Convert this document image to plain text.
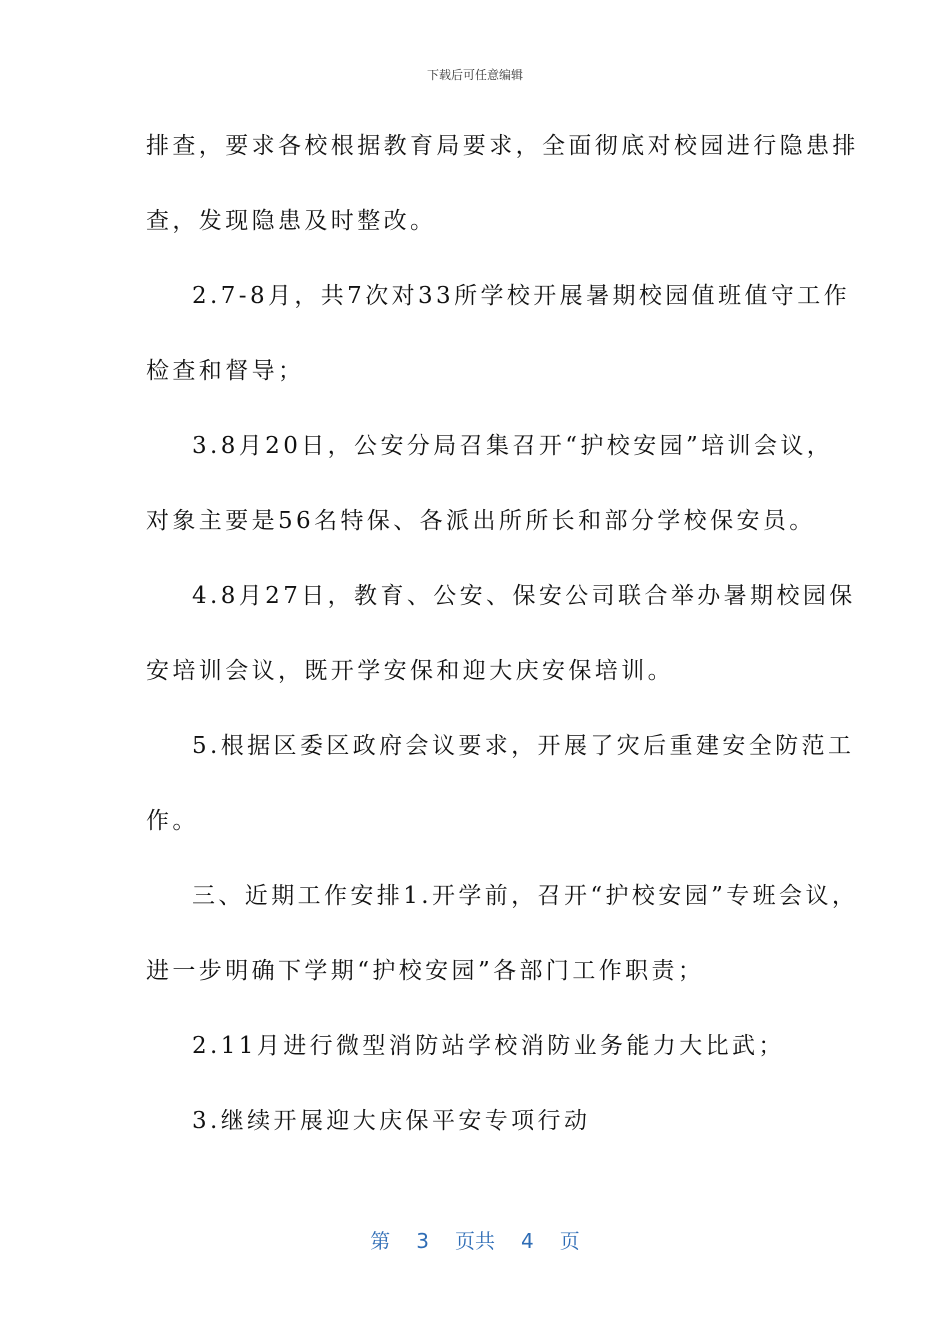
下载后可任意编辑
排查，要求各校根据教育局要求，全面彻底对校园进行隐患排
查，发现隐患及时整改。
2.7-8月，共7次对33所学校开展暑期校园值班值守工作
检查和督导；
3.8月20日，公安分局召集召开“护校安园”培训会议，
对象主要是56名特保、各派出所所长和部分学校保安员。
4.8月27日，教育、公安、保安公司联合举办暑期校园保
安培训会议，既开学安保和迎大庆安保培训。
5.根据区委区政府会议要求，开展了灾后重建安全防范工
作。
三、近期工作安排1.开学前，召开“护校安园”专班会议，
进一步明确下学期“护校安园”各部门工作职责；
2.11月进行微型消防站学校消防业务能力大比武；
3.继续开展迎大庆保平安专项行动
第 3 页共 4 页
